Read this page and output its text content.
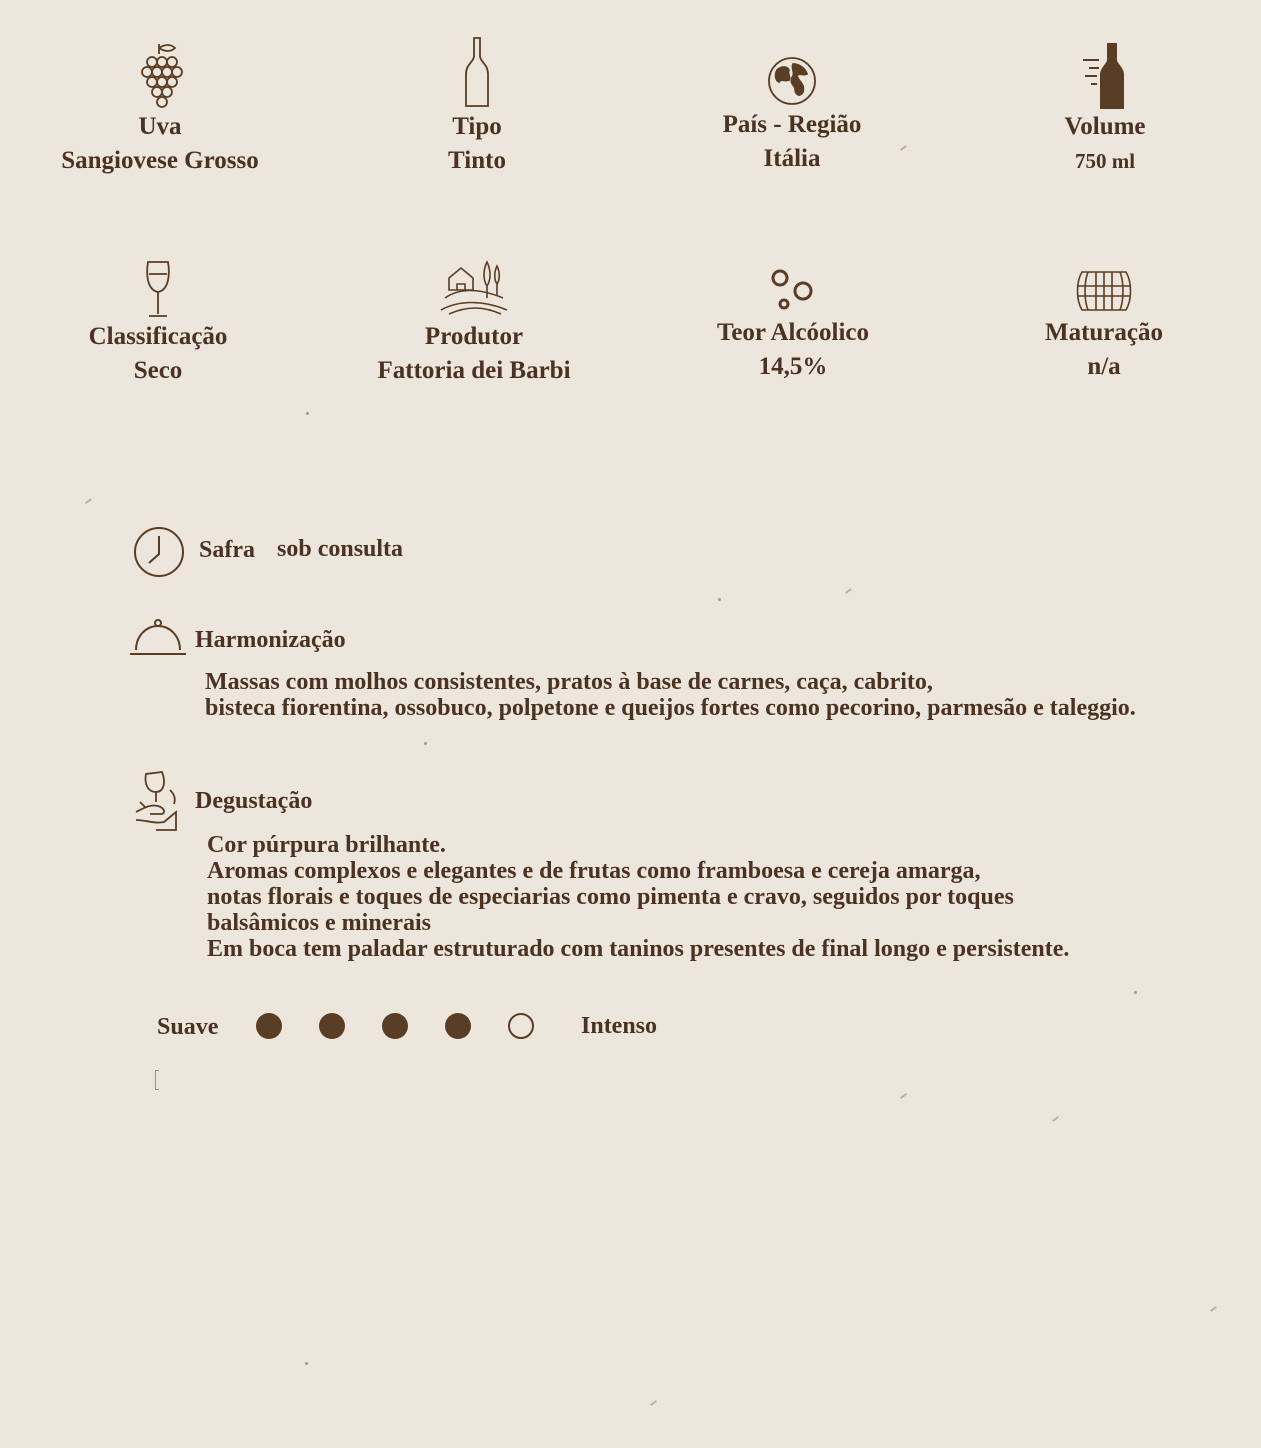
Uva
Sangiovese Grosso
Tipo
Tinto
País - Região
Itália
Volume
750 ml
Classificação
Seco
Produtor
Fattoria dei Barbi
Teor Alcóolico
14,5%
Maturação
n/a
Safra sob consulta
Harmonização
Massas com molhos consistentes, pratos à base de carnes, caça, cabrito,
bisteca fiorentina, ossobuco, polpetone e queijos fortes como pecorino, parmesão e taleggio.
Degustação
Cor púrpura brilhante.
Aromas complexos e elegantes e de frutas como framboesa e cereja amarga,
notas florais e toques de especiarias como pimenta e cravo, seguidos por toques
balsâmicos e minerais
Em boca tem paladar estruturado com taninos presentes de final longo e persistente.
Suave	Intenso
